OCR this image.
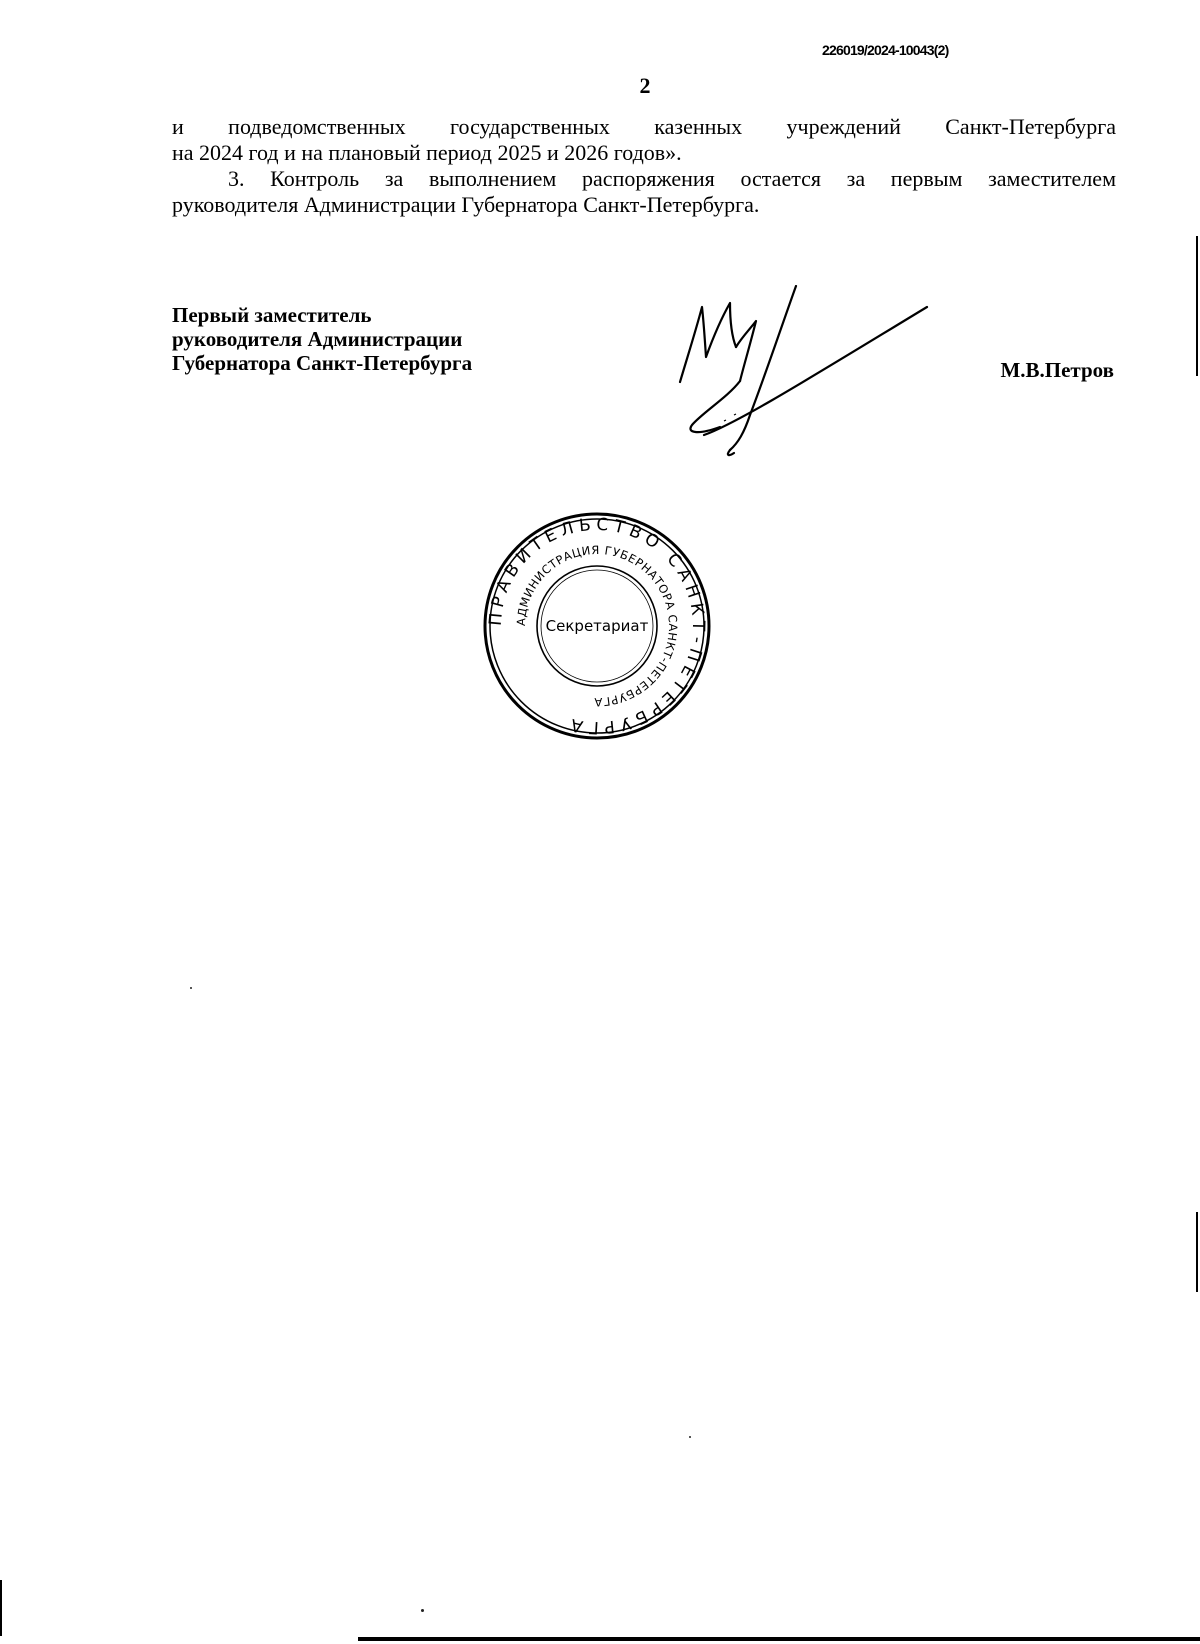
226019/2024-10043(2)
2

и подведомственных государственных казенных учреждений Санкт-Петербурга

на 2024 год и на плановый период 2025 и 2026 годов».

3. Контроль за выполнением распоряжения остается за первым заместителем

руководителя Администрации Губернатора Санкт-Петербурга.

Первый заместитель
руководителя Администрации
Губернатора Санкт-Петербурга	М.В.Петров
ПРАВИТЕЛЬСТВО САНКТ-ПЕТЕРБУРГА
АДМИНИСТРАЦИЯ ГУБЕРНАТОРА САНКТ-ПЕТЕРБУРГА
Секретариат
